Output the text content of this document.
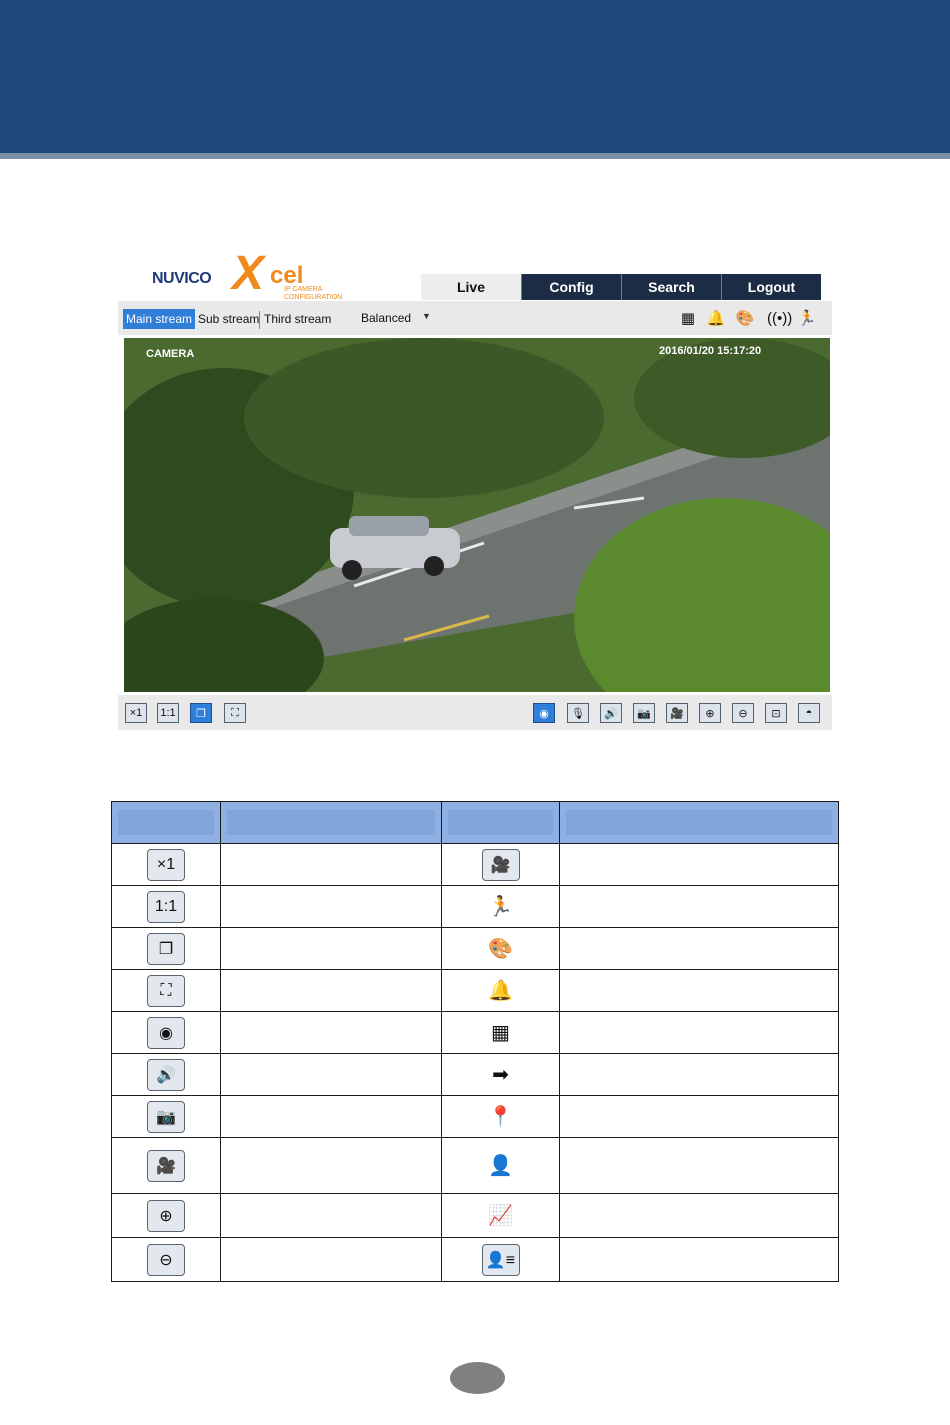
NUVICO X cel
IP CAMERA
CONFIGURATION
Live	Config	Search	Logout
Main stream Sub stream Third stream Balanced ▼	▦ 🔔 🎨 ((•)) 🏃
CAMERA	2016/01/20 15:17:20
×1	1:1	❐	⛶	◉	🎙	🔊	📷	🎥	⊕	⊖	⊡	◓

×1		🎥	
1:1		🏃	
❐		🎨	
⛶		🔔	
◉		▦	
🔊		➡	
📷		📍	
🎥		👤	
⊕		📈	
⊖		👤≡	
